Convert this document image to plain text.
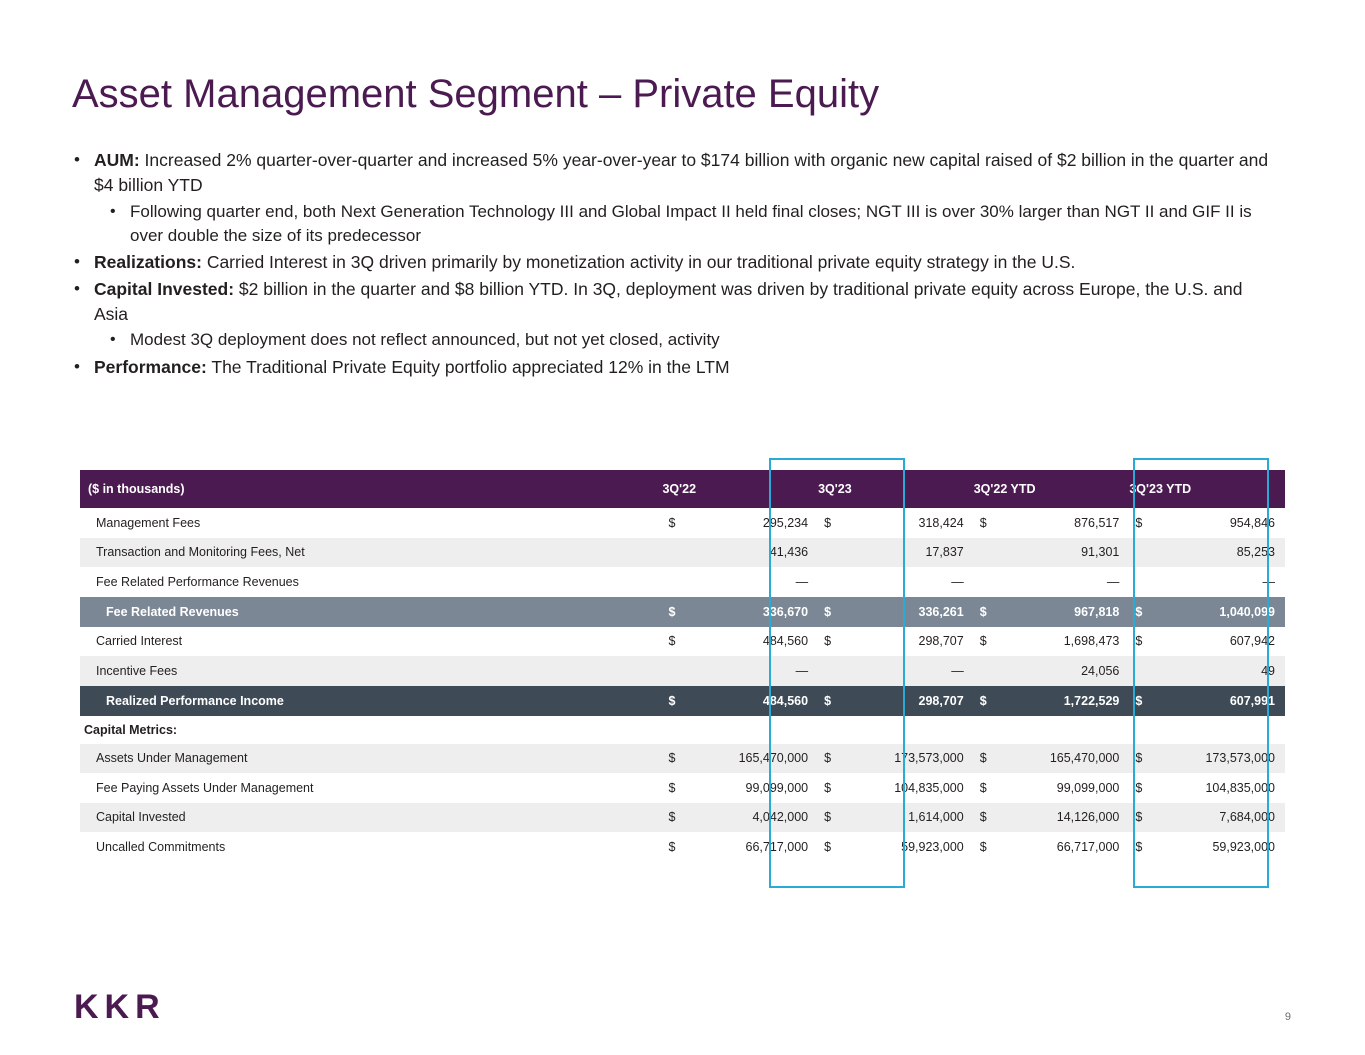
Asset Management Segment – Private Equity
• AUM: Increased 2% quarter-over-quarter and increased 5% year-over-year to $174 billion with organic new capital raised of $2 billion in the quarter and $4 billion YTD
• Following quarter end, both Next Generation Technology III and Global Impact II held final closes; NGT III is over 30% larger than NGT II and GIF II is over double the size of its predecessor
• Realizations: Carried Interest in 3Q driven primarily by monetization activity in our traditional private equity strategy in the U.S.
• Capital Invested: $2 billion in the quarter and $8 billion YTD. In 3Q, deployment was driven by traditional private equity across Europe, the U.S. and Asia
• Modest 3Q deployment does not reflect announced, but not yet closed, activity
• Performance: The Traditional Private Equity portfolio appreciated 12% in the LTM
($ in thousands)	3Q'22		3Q'23		3Q'22 YTD		3Q'23 YTD	
Management Fees	$	295,234	$	318,424	$	876,517	$	954,846
Transaction and Monitoring Fees, Net		41,436		17,837		91,301		85,253
Fee Related Performance Revenues		—		—		—		—
Fee Related Revenues	$	336,670	$	336,261	$	967,818	$	1,040,099
Carried Interest	$	484,560	$	298,707	$	1,698,473	$	607,942
Incentive Fees		—		—		24,056		49
Realized Performance Income	$	484,560	$	298,707	$	1,722,529	$	607,991
Capital Metrics:								
Assets Under Management	$	165,470,000	$	173,573,000	$	165,470,000	$	173,573,000
Fee Paying Assets Under Management	$	99,099,000	$	104,835,000	$	99,099,000	$	104,835,000
Capital Invested	$	4,042,000	$	1,614,000	$	14,126,000	$	7,684,000
Uncalled Commitments	$	66,717,000	$	59,923,000	$	66,717,000	$	59,923,000
KKR	9
